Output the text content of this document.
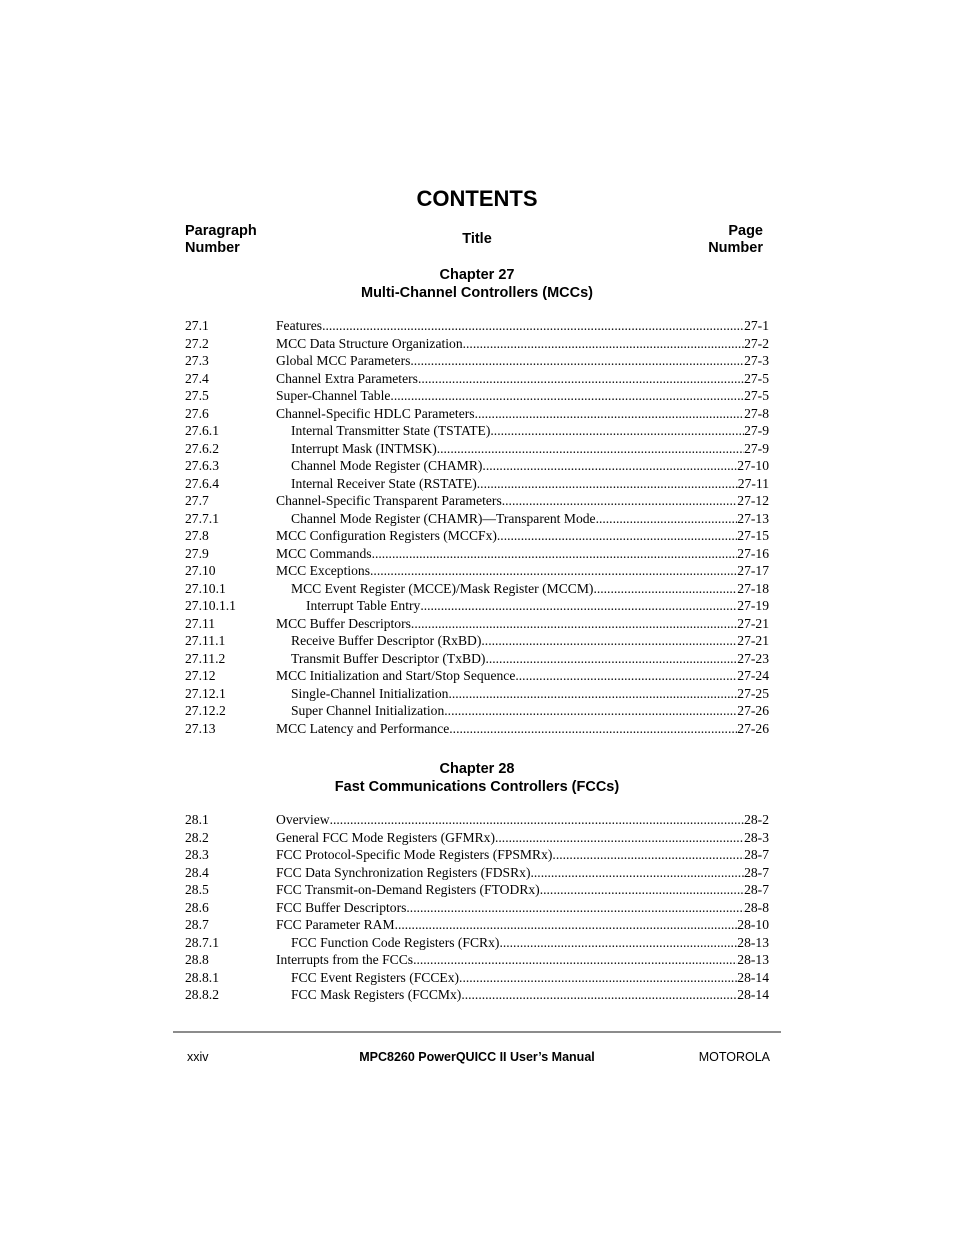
CONTENTS
Paragraph
Number
Title	Page
Number
Chapter 27
Multi-Channel Controllers (MCCs)
27.1	Features .....	27-1
27.2	MCC Data Structure Organization .....	27-2
27.3	Global MCC Parameters .....	27-3
27.4	Channel Extra Parameters .....	27-5
27.5	Super-Channel Table .....	27-5
27.6	Channel-Specific HDLC Parameters .....	27-8
27.6.1	Internal Transmitter State (TSTATE) .....	27-9
27.6.2	Interrupt Mask (INTMSK) .....	27-9
27.6.3	Channel Mode Register (CHAMR) .....	27-10
27.6.4	Internal Receiver State (RSTATE) .....	27-11
27.7	Channel-Specific Transparent Parameters .....	27-12
27.7.1	Channel Mode Register (CHAMR)—Transparent Mode .....	27-13
27.8	MCC Configuration Registers (MCCFx) .....	27-15
27.9	MCC Commands .....	27-16
27.10	MCC Exceptions .....	27-17
27.10.1	MCC Event Register (MCCE)/Mask Register (MCCM) .....	27-18
27.10.1.1	Interrupt Table Entry .....	27-19
27.11	MCC Buffer Descriptors .....	27-21
27.11.1	Receive Buffer Descriptor (RxBD) .....	27-21
27.11.2	Transmit Buffer Descriptor (TxBD) .....	27-23
27.12	MCC Initialization and Start/Stop Sequence .....	27-24
27.12.1	Single-Channel Initialization .....	27-25
27.12.2	Super Channel Initialization .....	27-26
27.13	MCC Latency and Performance .....	27-26
Chapter 28
Fast Communications Controllers (FCCs)
28.1	Overview .....	28-2
28.2	General FCC Mode Registers (GFMRx) .....	28-3
28.3	FCC Protocol-Specific Mode Registers (FPSMRx) .....	28-7
28.4	FCC Data Synchronization Registers (FDSRx) .....	28-7
28.5	FCC Transmit-on-Demand Registers (FTODRx) .....	28-7
28.6	FCC Buffer Descriptors .....	28-8
28.7	FCC Parameter RAM .....	28-10
28.7.1	FCC Function Code Registers (FCRx) .....	28-13
28.8	Interrupts from the FCCs .....	28-13
28.8.1	FCC Event Registers (FCCEx) .....	28-14
28.8.2	FCC Mask Registers (FCCMx) .....	28-14
xxiv	MPC8260 PowerQUICC II User’s Manual	MOTOROLA
